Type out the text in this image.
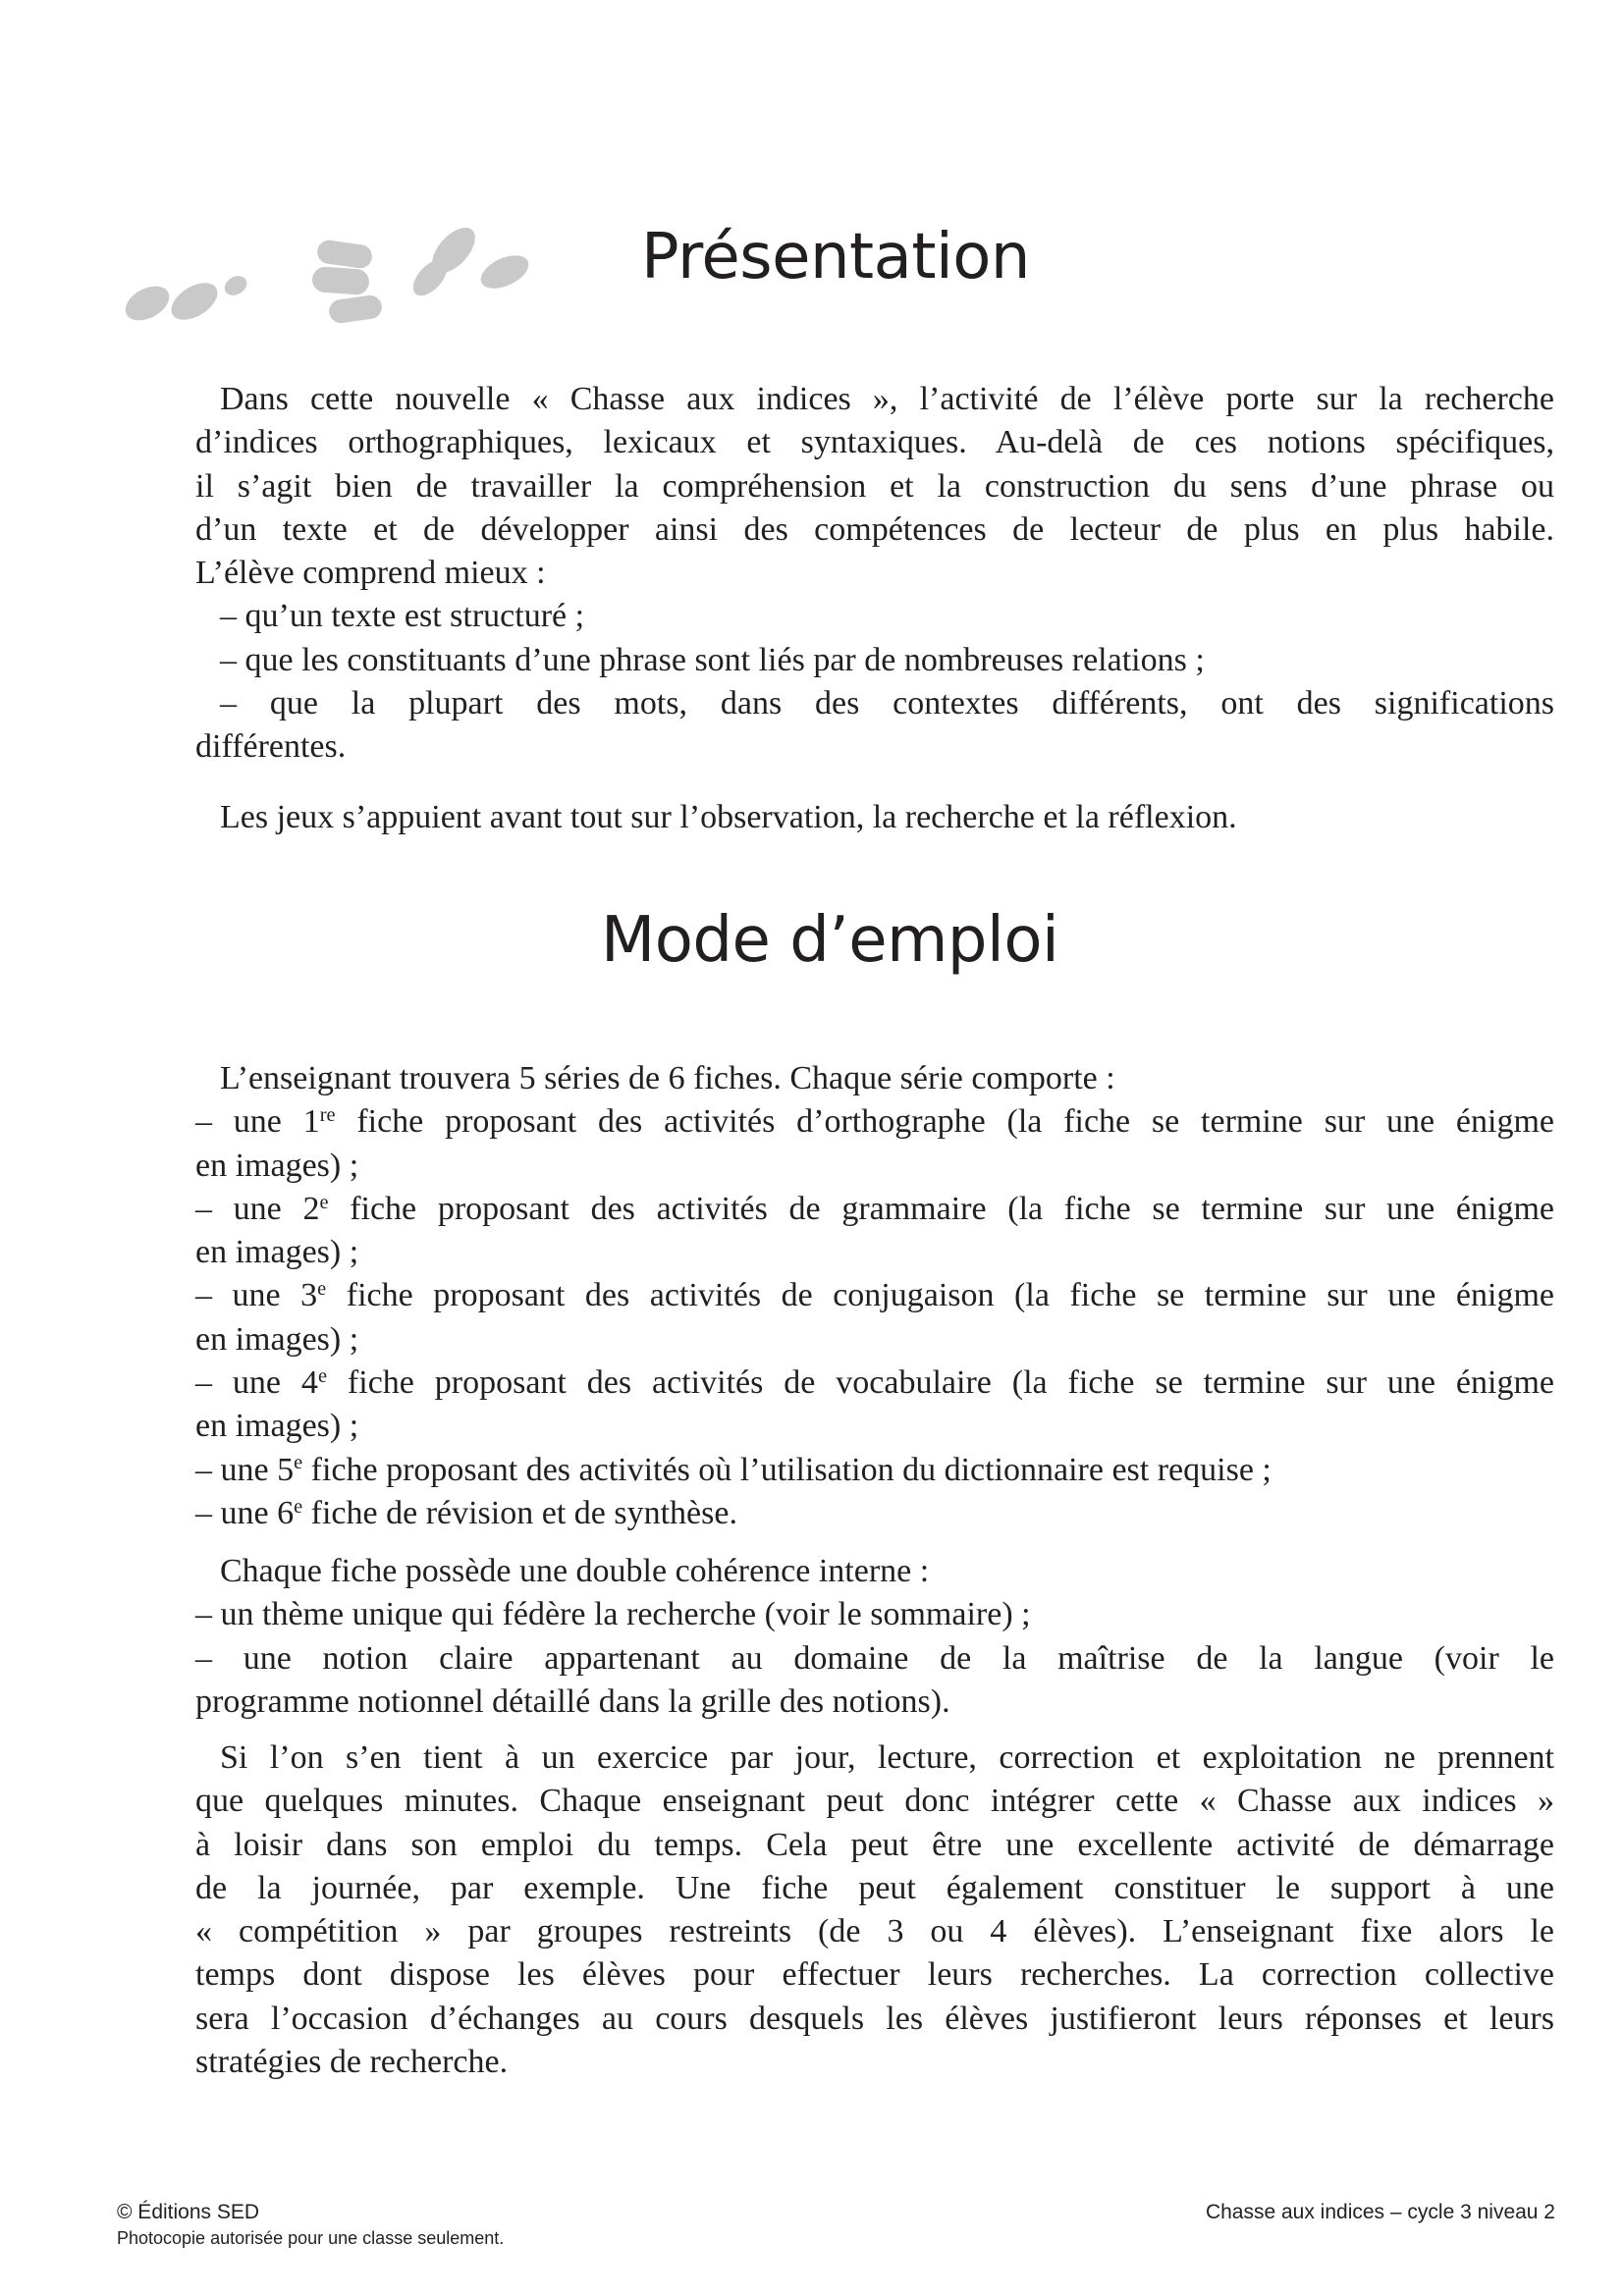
Présentation
Dans cette nouvelle « Chasse aux indices », l’activité de l’élève porte sur la recherche
d’indices orthographiques, lexicaux et syntaxiques. Au-delà de ces notions spécifiques,
il s’agit bien de travailler la compréhension et la construction du sens d’une phrase ou
d’un texte et de développer ainsi des compétences de lecteur de plus en plus habile.
L’élève comprend mieux :
– qu’un texte est structuré ;
– que les constituants d’une phrase sont liés par de nombreuses relations ;
– que la plupart des mots, dans des contextes différents, ont des significations
différentes.

Les jeux s’appuient avant tout sur l’observation, la recherche et la réflexion.

Mode d’emploi
L’enseignant trouvera 5 séries de 6 fiches. Chaque série comporte :
– une 1re fiche proposant des activités d’orthographe (la fiche se termine sur une énigme
en images) ;
– une 2e fiche proposant des activités de grammaire (la fiche se termine sur une énigme
en images) ;
– une 3e fiche proposant des activités de conjugaison (la fiche se termine sur une énigme
en images) ;
– une 4e fiche proposant des activités de vocabulaire (la fiche se termine sur une énigme
en images) ;
– une 5e fiche proposant des activités où l’utilisation du dictionnaire est requise ;
– une 6e fiche de révision et de synthèse.
Chaque fiche possède une double cohérence interne :
– un thème unique qui fédère la recherche (voir le sommaire) ;
– une notion claire appartenant au domaine de la maîtrise de la langue (voir le
programme notionnel détaillé dans la grille des notions).
Si l’on s’en tient à un exercice par jour, lecture, correction et exploitation ne prennent
que quelques minutes. Chaque enseignant peut donc intégrer cette « Chasse aux indices »
à loisir dans son emploi du temps. Cela peut être une excellente activité de démarrage
de la journée, par exemple. Une fiche peut également constituer le support à une
« compétition » par groupes restreints (de 3 ou 4 élèves). L’enseignant fixe alors le
temps dont dispose les élèves pour effectuer leurs recherches. La correction collective
sera l’occasion d’échanges au cours desquels les élèves justifieront leurs réponses et leurs
stratégies de recherche.
© Éditions SED
Photocopie autorisée pour une classe seulement.
Chasse aux indices – cycle 3 niveau 2
